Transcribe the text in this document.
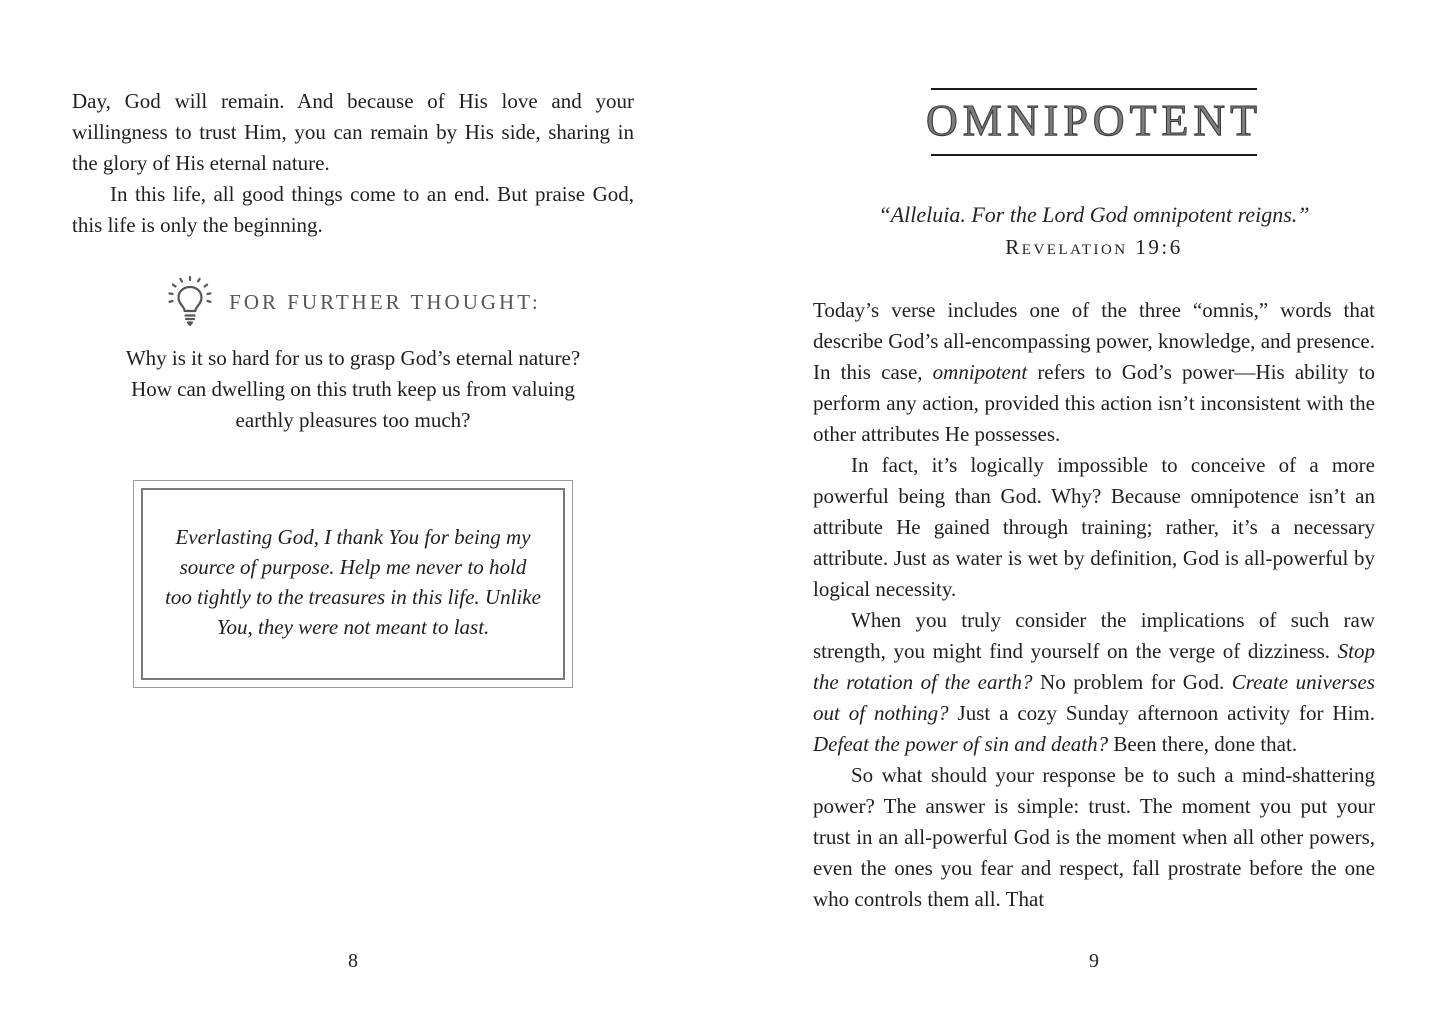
Day, God will remain. And because of His love and your willingness to trust Him, you can remain by His side, sharing in the glory of His eternal nature.

In this life, all good things come to an end. But praise God, this life is only the beginning.

FOR FURTHER THOUGHT:

Why is it so hard for us to grasp God’s eternal nature? How can dwelling on this truth keep us from valuing earthly pleasures too much?

Everlasting God, I thank You for being my source of purpose. Help me never to hold too tightly to the treasures in this life. Unlike You, they were not meant to last.

OMNIPOTENT

“Alleluia. For the Lord God omnipotent reigns.”

Revelation 19:6

Today’s verse includes one of the three “omnis,” words that describe God’s all-encompassing power, knowledge, and presence. In this case, omnipotent refers to God’s power—His ability to perform any action, provided this action isn’t inconsistent with the other attributes He possesses.

In fact, it’s logically impossible to conceive of a more powerful being than God. Why? Because omnipotence isn’t an attribute He gained through training; rather, it’s a necessary attribute. Just as water is wet by definition, God is all-powerful by logical necessity.

When you truly consider the implications of such raw strength, you might find yourself on the verge of dizziness. Stop the rotation of the earth? No problem for God. Create universes out of nothing? Just a cozy Sunday afternoon activity for Him. Defeat the power of sin and death? Been there, done that.

So what should your response be to such a mind-shattering power? The answer is simple: trust. The moment you put your trust in an all-powerful God is the moment when all other powers, even the ones you fear and respect, fall prostrate before the one who controls them all. That

8	9
